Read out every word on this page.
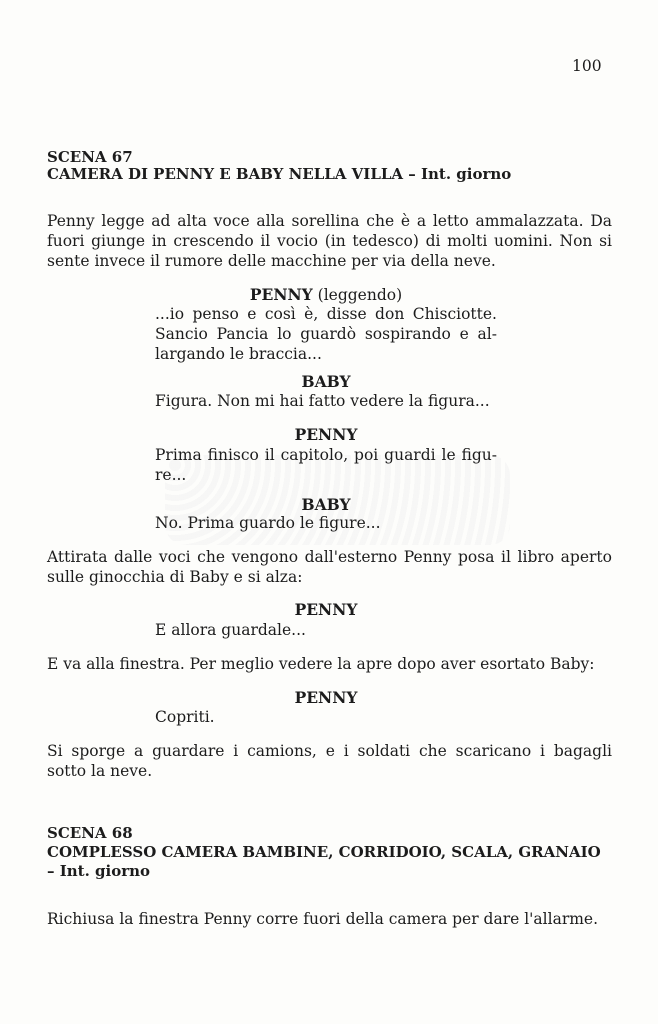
100
SCENA 67
CAMERA DI PENNY E BABY NELLA VILLA – Int. giorno
Penny legge ad alta voce alla sorellina che è a letto ammalazzata. Da
fuori giunge in crescendo il vocio (in tedesco) di molti uomini. Non si
sente invece il rumore delle macchine per via della neve.
PENNY (leggendo)
...io penso e così è, disse don Chisciotte.
Sancio Pancia lo guardò sospirando e al-
largando le braccia...
BABY
Figura. Non mi hai fatto vedere la figura...
PENNY
Prima finisco il capitolo, poi guardi le figu-
re...
BABY
No. Prima guardo le figure...
Attirata dalle voci che vengono dall'esterno Penny posa il libro aperto
sulle ginocchia di Baby e si alza:
PENNY
E allora guardale...
E va alla finestra. Per meglio vedere la apre dopo aver esortato Baby:
PENNY
Copriti.
Si sporge a guardare i camions, e i soldati che scaricano i bagagli
sotto la neve.
SCENA 68
COMPLESSO CAMERA BAMBINE, CORRIDOIO, SCALA, GRANAIO
– Int. giorno
Richiusa la finestra Penny corre fuori della camera per dare l'allarme.
